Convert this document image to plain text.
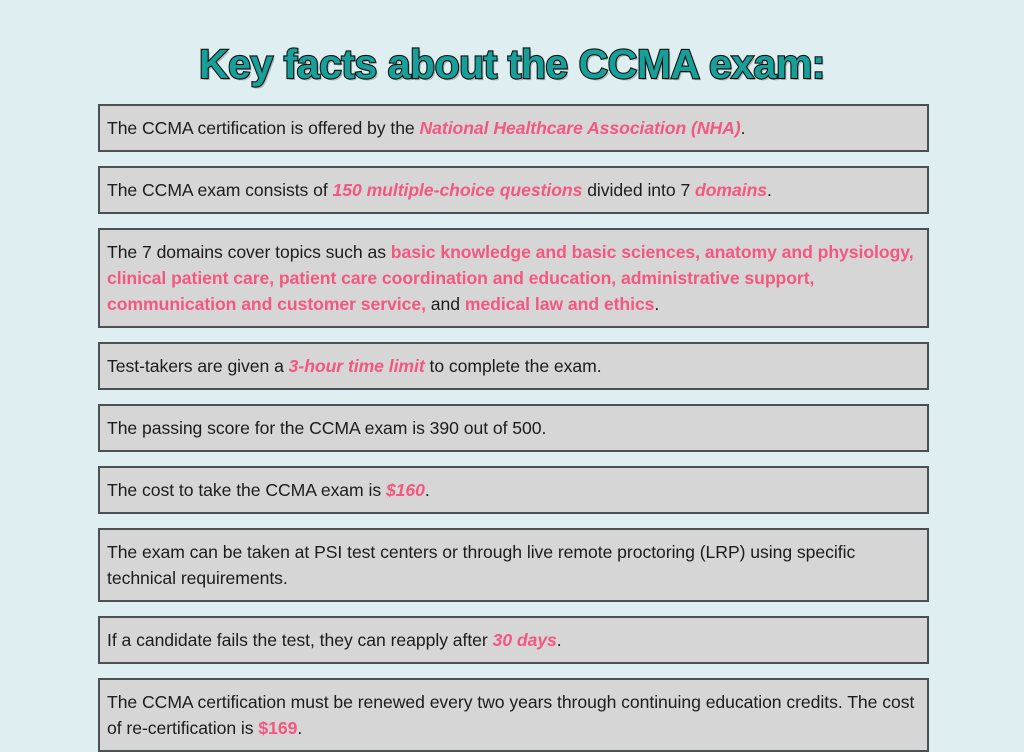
Key facts about the CCMA exam:
The CCMA certification is offered by the National Healthcare Association (NHA).
The CCMA exam consists of 150 multiple-choice questions divided into 7 domains.
The 7 domains cover topics such as basic knowledge and basic sciences, anatomy and physiology, clinical patient care, patient care coordination and education, administrative support, communication and customer service, and medical law and ethics.
Test-takers are given a 3-hour time limit to complete the exam.
The passing score for the CCMA exam is 390 out of 500.
The cost to take the CCMA exam is $160.
The exam can be taken at PSI test centers or through live remote proctoring (LRP) using specific technical requirements.
If a candidate fails the test, they can reapply after 30 days.
The CCMA certification must be renewed every two years through continuing education credits. The cost of re-certification is $169.
